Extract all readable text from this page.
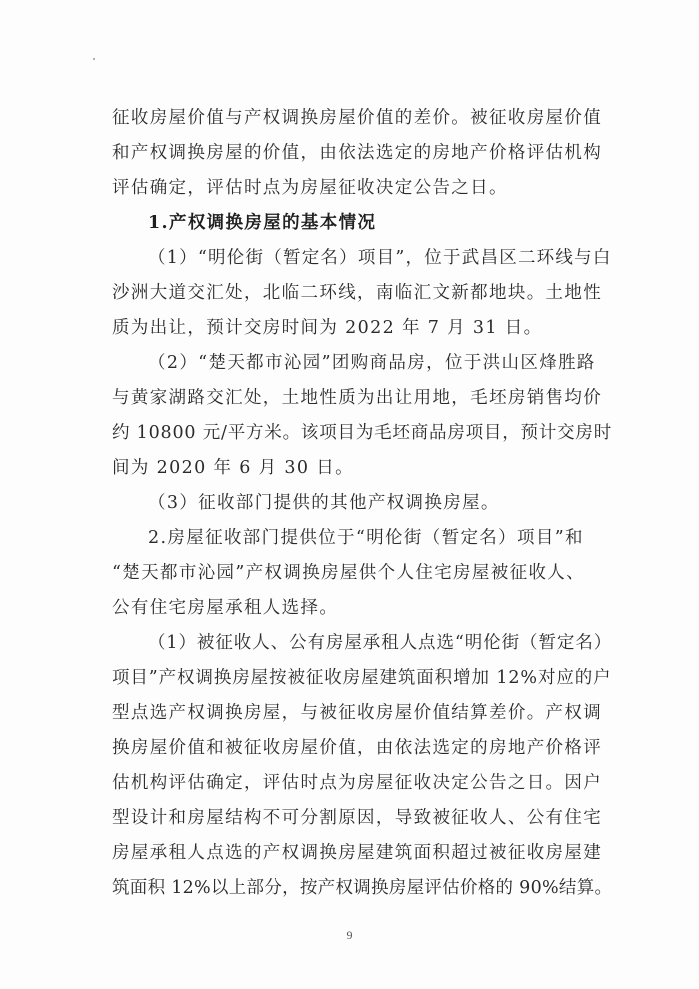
征收房屋价值与产权调换房屋价值的差价。被征收房屋价值
和产权调换房屋的价值，由依法选定的房地产价格评估机构
评估确定，评估时点为房屋征收决定公告之日。
1.产权调换房屋的基本情况
（1）“明伦街（暂定名）项目”，位于武昌区二环线与白
沙洲大道交汇处，北临二环线，南临汇文新都地块。土地性
质为出让，预计交房时间为 2022 年 7 月 31 日。
（2）“楚天都市沁园”团购商品房，位于洪山区烽胜路
与黄家湖路交汇处，土地性质为出让用地，毛坯房销售均价
约 10800 元/平方米。该项目为毛坯商品房项目，预计交房时
间为 2020 年 6 月 30 日。
（3）征收部门提供的其他产权调换房屋。
2.房屋征收部门提供位于“明伦街（暂定名）项目”和
“楚天都市沁园”产权调换房屋供个人住宅房屋被征收人、
公有住宅房屋承租人选择。
（1）被征收人、公有房屋承租人点选“明伦街（暂定名）
项目”产权调换房屋按被征收房屋建筑面积增加 12%对应的户
型点选产权调换房屋，与被征收房屋价值结算差价。产权调
换房屋价值和被征收房屋价值，由依法选定的房地产价格评
估机构评估确定，评估时点为房屋征收决定公告之日。因户
型设计和房屋结构不可分割原因，导致被征收人、公有住宅
房屋承租人点选的产权调换房屋建筑面积超过被征收房屋建
筑面积 12%以上部分，按产权调换房屋评估价格的 90%结算。
9
